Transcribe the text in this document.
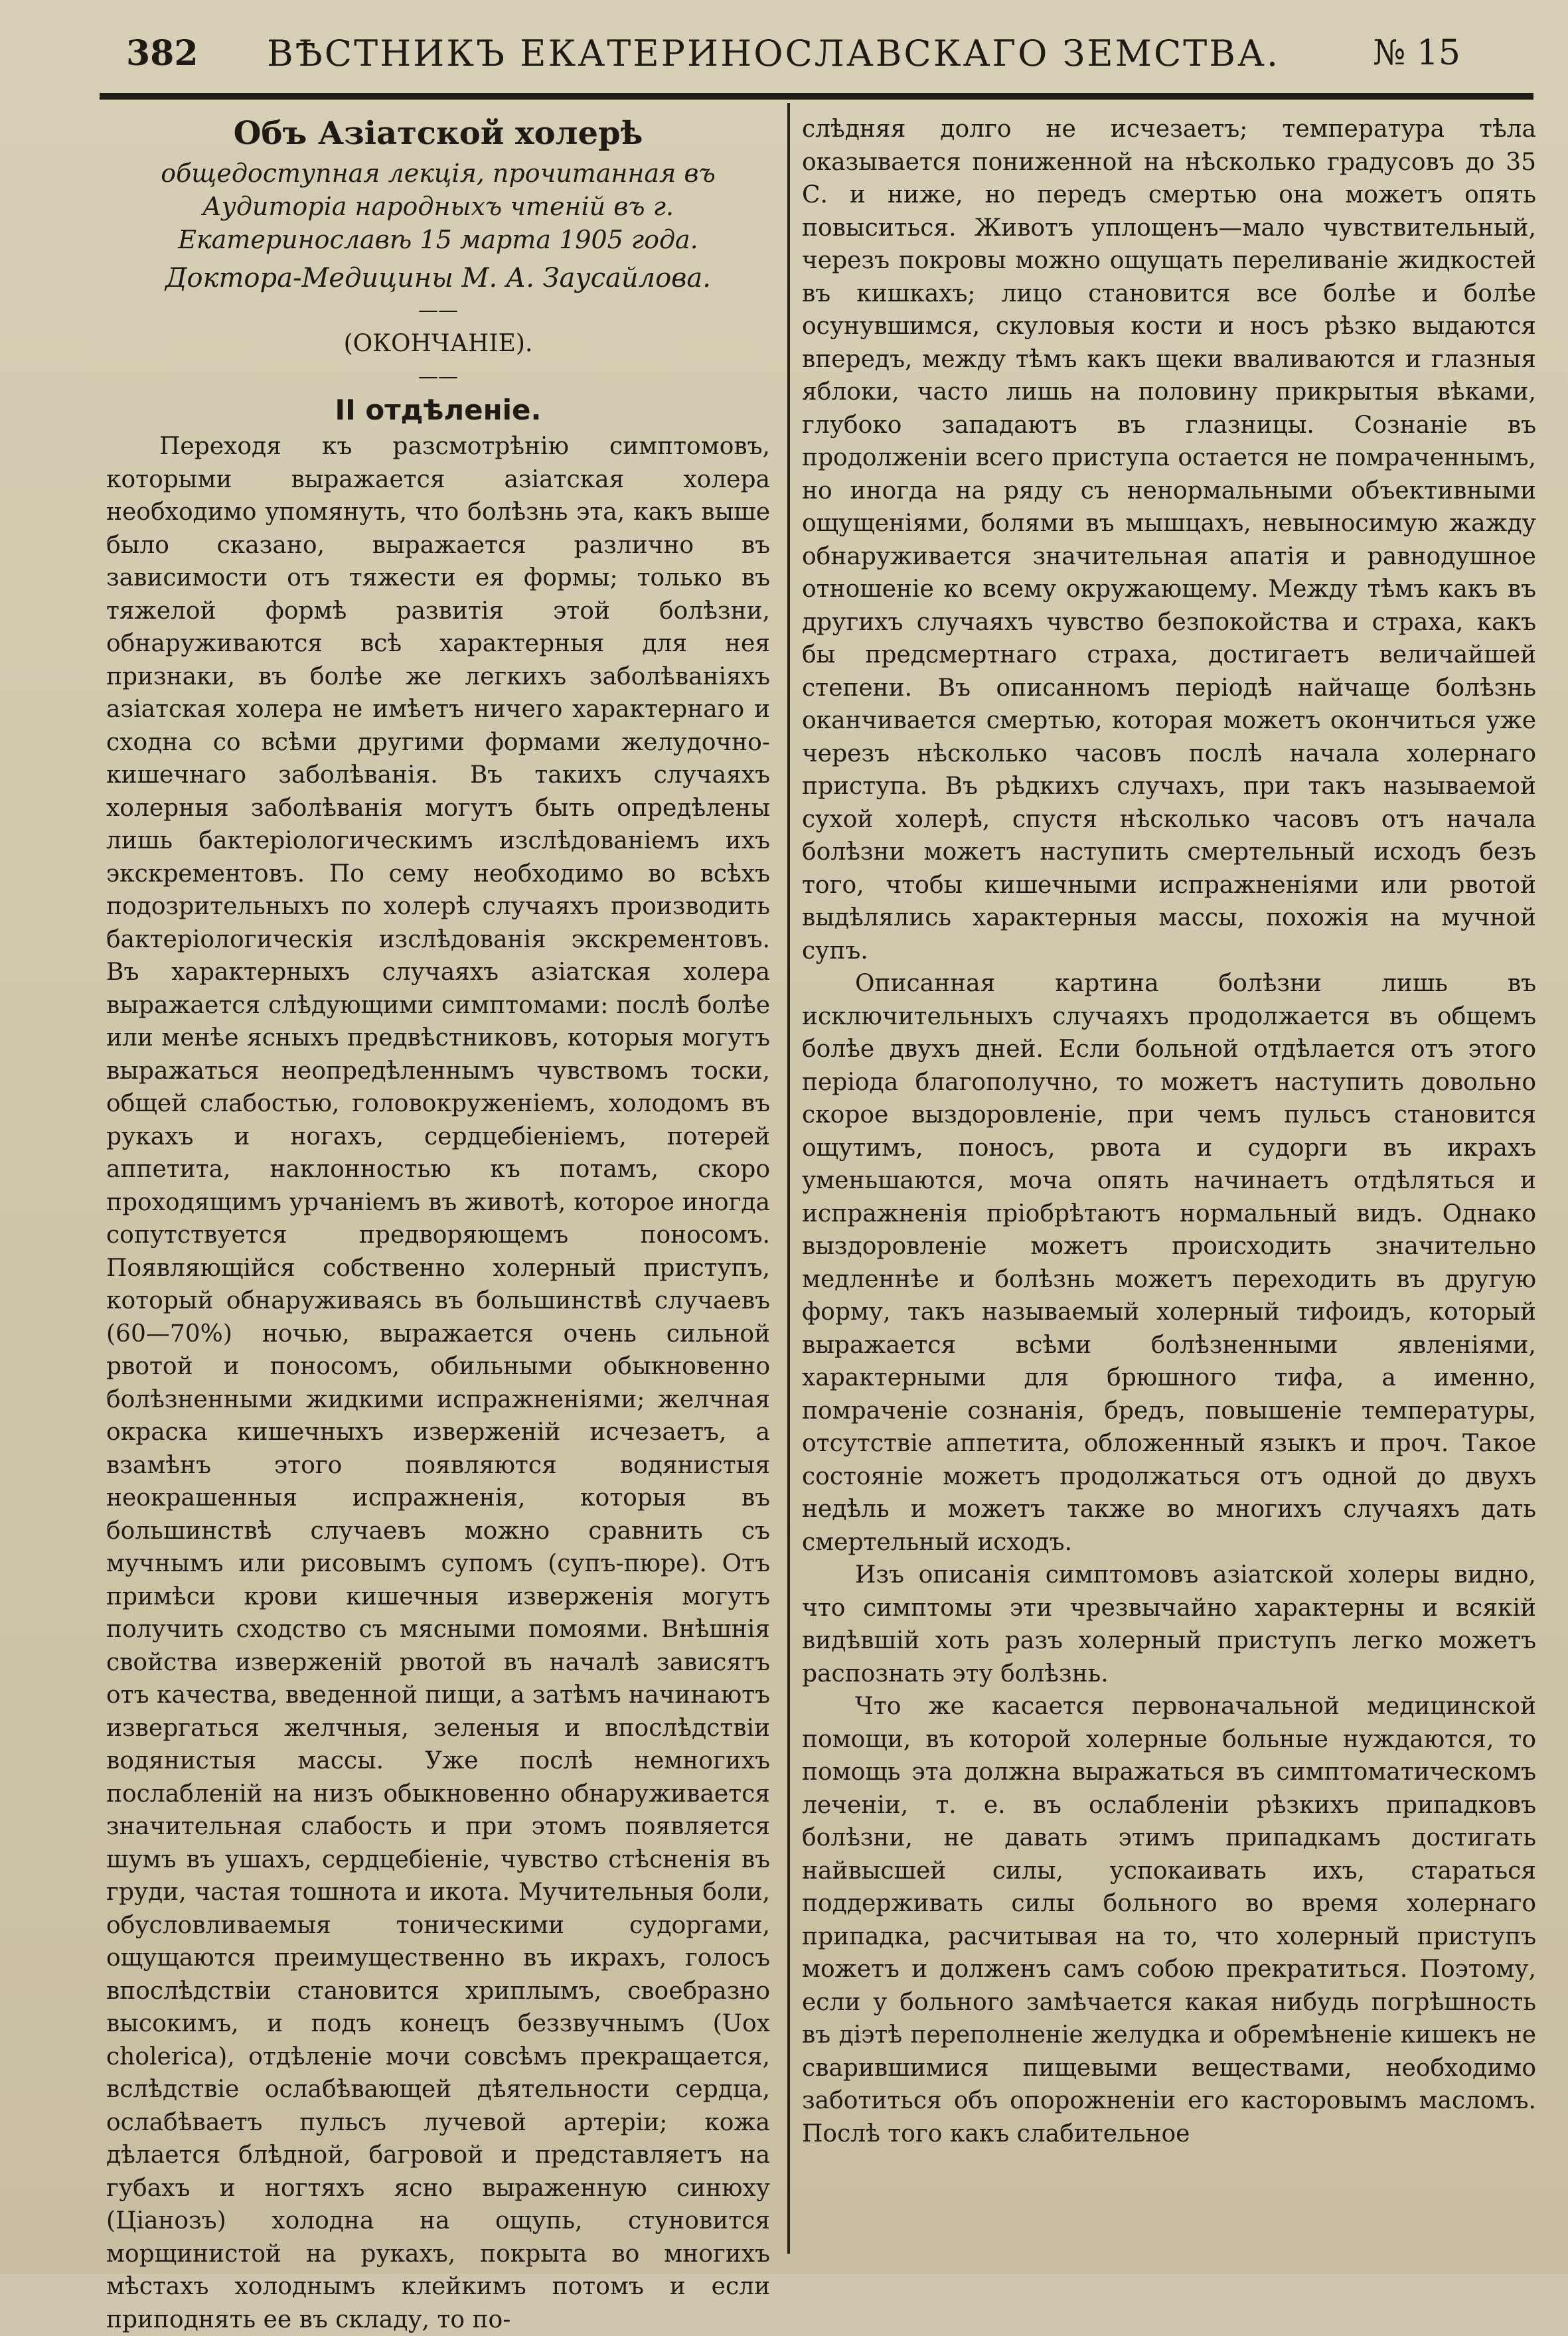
382	ВѢСТНИКЪ ЕКАТЕРИНОСЛАВСКАГО ЗЕМСТВА.	№ 15

Объ Азіатской холерѣ

общедоступная лекція, прочитанная въ Аудиторіа народныхъ чтеній въ г. Екатеринославѣ 15 марта 1905 года.

Доктора-Медицины М. А. Заусайлова.

——

(ОКОНЧАНІЕ).

——

II отдѣленіе.

Переходя къ разсмотрѣнію симптомовъ, которыми выражается азіатская холера необходимо упомянуть, что болѣзнь эта, какъ выше было сказано, выражается различно въ зависимости отъ тяжести ея формы; только въ тяжелой формѣ развитія этой болѣзни, обнаруживаются всѣ характерныя для нея признаки, въ болѣе же легкихъ заболѣваніяхъ азіатская холера не имѣетъ ничего характернаго и сходна со всѣми другими формами желудочно-кишечнаго заболѣванія. Въ такихъ случаяхъ холерныя заболѣванія могутъ быть опредѣлены лишь бактеріологическимъ изслѣдованіемъ ихъ экскрементовъ. По сему необходимо во всѣхъ подозрительныхъ по холерѣ случаяхъ производить бактеріологическія изслѣдованія экскрементовъ. Въ характерныхъ случаяхъ азіатская холера выражается слѣдующими симптомами: послѣ болѣе или менѣе ясныхъ предвѣстниковъ, которыя могутъ выражаться неопредѣленнымъ чувствомъ тоски, общей слабостью, головокруженіемъ, холодомъ въ рукахъ и ногахъ, сердцебіеніемъ, потерей аппетита, наклонностью къ потамъ, скоро проходящимъ урчаніемъ въ животѣ, которое иногда сопутствуется предворяющемъ поносомъ. Появляющійся собственно холерный приступъ, который обнаруживаясь въ большинствѣ случаевъ (60—70%) ночью, выражается очень сильной рвотой и поносомъ, обильными обыкновенно болѣзненными жидкими испражненіями; желчная окраска кишечныхъ изверженій исчезаетъ, а взамѣнъ этого появляются водянистыя неокрашенныя испражненія, которыя въ большинствѣ случаевъ можно сравнить съ мучнымъ или рисовымъ супомъ (супъ-пюре). Отъ примѣси крови кишечныя изверженія могутъ получить сходство съ мясными помоями. Внѣшнія свойства изверженій рвотой въ началѣ зависятъ отъ качества, введенной пищи, а затѣмъ начинаютъ извергаться желчныя, зеленыя и впослѣдствіи водянистыя массы. Уже послѣ немногихъ послабленій на низъ обыкновенно обнаруживается значительная слабость и при этомъ появляется шумъ въ ушахъ, сердцебіеніе, чувство стѣсненія въ груди, частая тошнота и икота. Мучительныя боли, обусловливаемыя тоническими судоргами, ощущаются преимущественно въ икрахъ, голосъ впослѣдствіи становится хриплымъ, своебразно высокимъ, и подъ конецъ беззвучнымъ (Uox cholerica), отдѣленіе мочи совсѣмъ прекращается, вслѣдствіе ослабѣвающей дѣятельности сердца, ослабѣваетъ пульсъ лучевой артеріи; кожа дѣлается блѣдной, багровой и представляетъ на губахъ и ногтяхъ ясно выраженную синюху (Ціанозъ) холодна на ощупь, стуновится морщинистой на рукахъ, покрыта во многихъ мѣстахъ холоднымъ клейкимъ потомъ и если приподнять ее въ складу, то по-

слѣдняя долго не исчезаетъ; температура тѣла оказывается пониженной на нѣсколько градусовъ до 35 С. и ниже, но передъ смертью она можетъ опять повыситься. Животъ уплощенъ—мало чувствительный, черезъ покровы можно ощущать переливаніе жидкостей въ кишкахъ; лицо становится все болѣе и болѣе осунувшимся, скуловыя кости и носъ рѣзко выдаются впередъ, между тѣмъ какъ щеки вваливаются и глазныя яблоки, часто лишь на половину прикрытыя вѣками, глубоко западаютъ въ глазницы. Сознаніе въ продолженіи всего приступа остается не помраченнымъ, но иногда на ряду съ ненормальными объективными ощущеніями, болями въ мышцахъ, невыносимую жажду обнаруживается значительная апатія и равнодушное отношеніе ко всему окружающему. Между тѣмъ какъ въ другихъ случаяхъ чувство безпокойства и страха, какъ бы предсмертнаго страха, достигаетъ величайшей степени. Въ описанномъ періодѣ найчаще болѣзнь оканчивается смертью, которая можетъ окончиться уже черезъ нѣсколько часовъ послѣ начала холернаго приступа. Въ рѣдкихъ случахъ, при такъ называемой сухой холерѣ, спустя нѣсколько часовъ отъ начала болѣзни можетъ наступить смертельный исходъ безъ того, чтобы кишечными испражненіями или рвотой выдѣлялись характерныя массы, похожія на мучной супъ.

Описанная картина болѣзни лишь въ исключительныхъ случаяхъ продолжается въ общемъ болѣе двухъ дней. Если больной отдѣлается отъ этого періода благополучно, то можетъ наступить довольно скорое выздоровленіе, при чемъ пульсъ становится ощутимъ, поносъ, рвота и судорги въ икрахъ уменьшаются, моча опять начинаетъ отдѣляться и испражненія пріобрѣтаютъ нормальный видъ. Однако выздоровленіе можетъ происходить значительно медленнѣе и болѣзнь можетъ переходить въ другую форму, такъ называемый холерный тифоидъ, который выражается всѣми болѣзненными явленіями, характерными для брюшного тифа, а именно, помраченіе сознанія, бредъ, повышеніе температуры, отсутствіе аппетита, обложенный языкъ и проч. Такое состояніе можетъ продолжаться отъ одной до двухъ недѣль и можетъ также во многихъ случаяхъ дать смертельный исходъ.

Изъ описанія симптомовъ азіатской холеры видно, что симптомы эти чрезвычайно характерны и всякій видѣвшій хоть разъ холерный приступъ легко можетъ распознать эту болѣзнь.

Что же касается первоначальной медицинской помощи, въ которой холерные больные нуждаются, то помощь эта должна выражаться въ симптоматическомъ леченіи, т. е. въ ослабленіи рѣзкихъ припадковъ болѣзни, не давать этимъ припадкамъ достигать найвысшей силы, успокаивать ихъ, стараться поддерживать силы больного во время холернаго припадка, расчитывая на то, что холерный приступъ можетъ и долженъ самъ собою прекратиться. Поэтому, если у больного замѣчается какая нибудь погрѣшность въ діэтѣ переполненіе желудка и обремѣненіе кишекъ не сварившимися пищевыми веществами, необходимо заботиться объ опорожненіи его касторовымъ масломъ. Послѣ того какъ слабительное
